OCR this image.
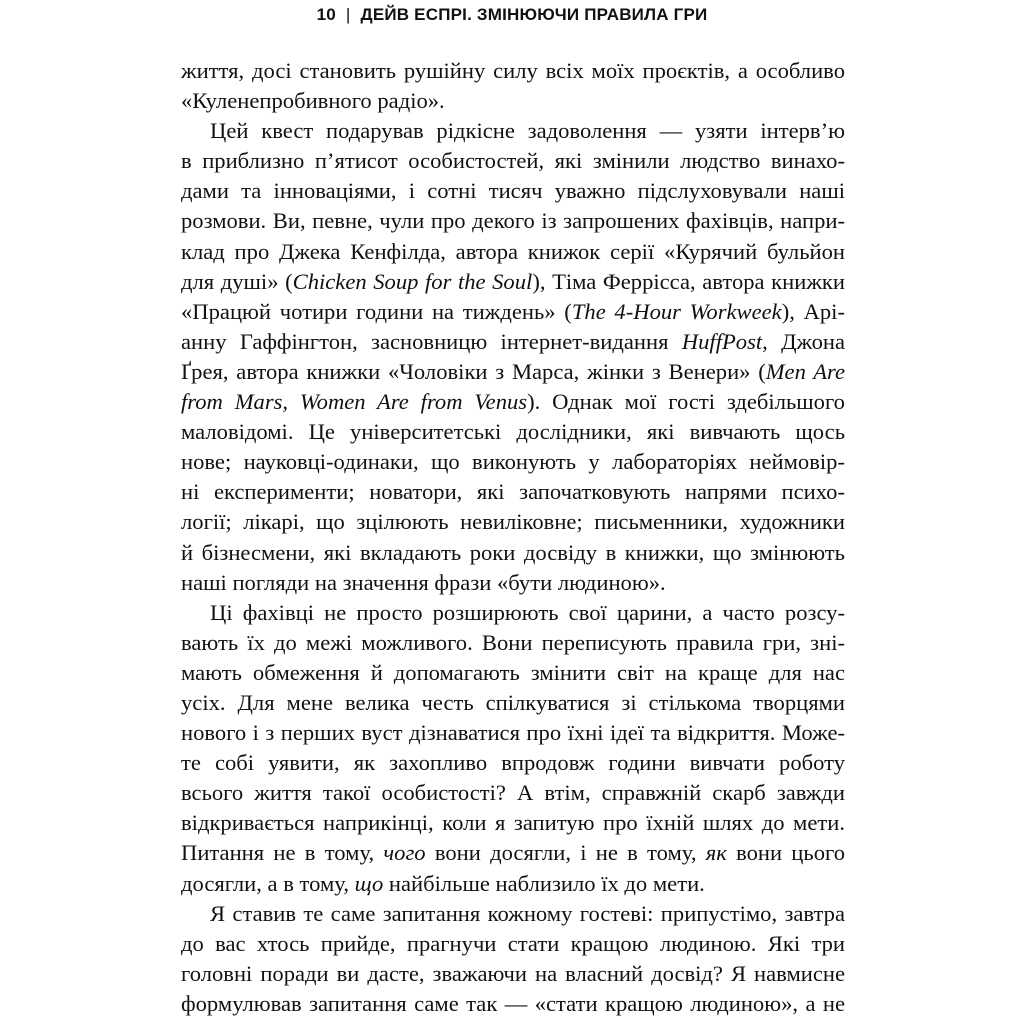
10 | ДЕЙВ ЕСПРІ. ЗМІНЮЮЧИ ПРАВИЛА ГРИ
життя, досі становить рушійну силу всіх моїх проєктів, а особливо
«Куленепробивного радіо».
Цей квест подарував рідкісне задоволення — узяти інтерв’ю
в приблизно п’ятисот особистостей, які змінили людство винахо-
дами та інноваціями, і сотні тисяч уважно підслуховували наші
розмови. Ви, певне, чули про декого із запрошених фахівців, напри-
клад про Джека Кенфілда, автора книжок серії «Курячий бульйон
для душі» (Chicken Soup for the Soul), Тіма Феррісса, автора книжки
«Працюй чотири години на тиждень» (The 4-Hour Workweek), Арі-
анну Гаффінгтон, засновницю інтернет-видання HuffPost, Джона
Ґрея, автора книжки «Чоловіки з Марса, жінки з Венери» (Men Are
from Mars, Women Are from Venus). Однак мої гості здебільшого
маловідомі. Це університетські дослідники, які вивчають щось
нове; науковці-одинаки, що виконують у лабораторіях неймовір-
ні експерименти; новатори, які започатковують напрями психо-
логії; лікарі, що зцілюють невиліковне; письменники, художники
й бізнесмени, які вкладають роки досвіду в книжки, що змінюють
наші погляди на значення фрази «бути людиною».
Ці фахівці не просто розширюють свої царини, а часто розсу-
вають їх до межі можливого. Вони переписують правила гри, зні-
мають обмеження й допомагають змінити світ на краще для нас
усіх. Для мене велика честь спілкуватися зі стількома творцями
нового і з перших вуст дізнаватися про їхні ідеї та відкриття. Може-
те собі уявити, як захопливо впродовж години вивчати роботу
всього життя такої особистості? А втім, справжній скарб завжди
відкривається наприкінці, коли я запитую про їхній шлях до мети.
Питання не в тому, чого вони досягли, і не в тому, як вони цього
досягли, а в тому, що найбільше наблизило їх до мети.
Я ставив те саме запитання кожному гостеві: припустімо, завтра
до вас хтось прийде, прагнучи стати кращою людиною. Які три
головні поради ви дасте, зважаючи на власний досвід? Я навмисне
формулював запитання саме так — «стати кращою людиною», а не
